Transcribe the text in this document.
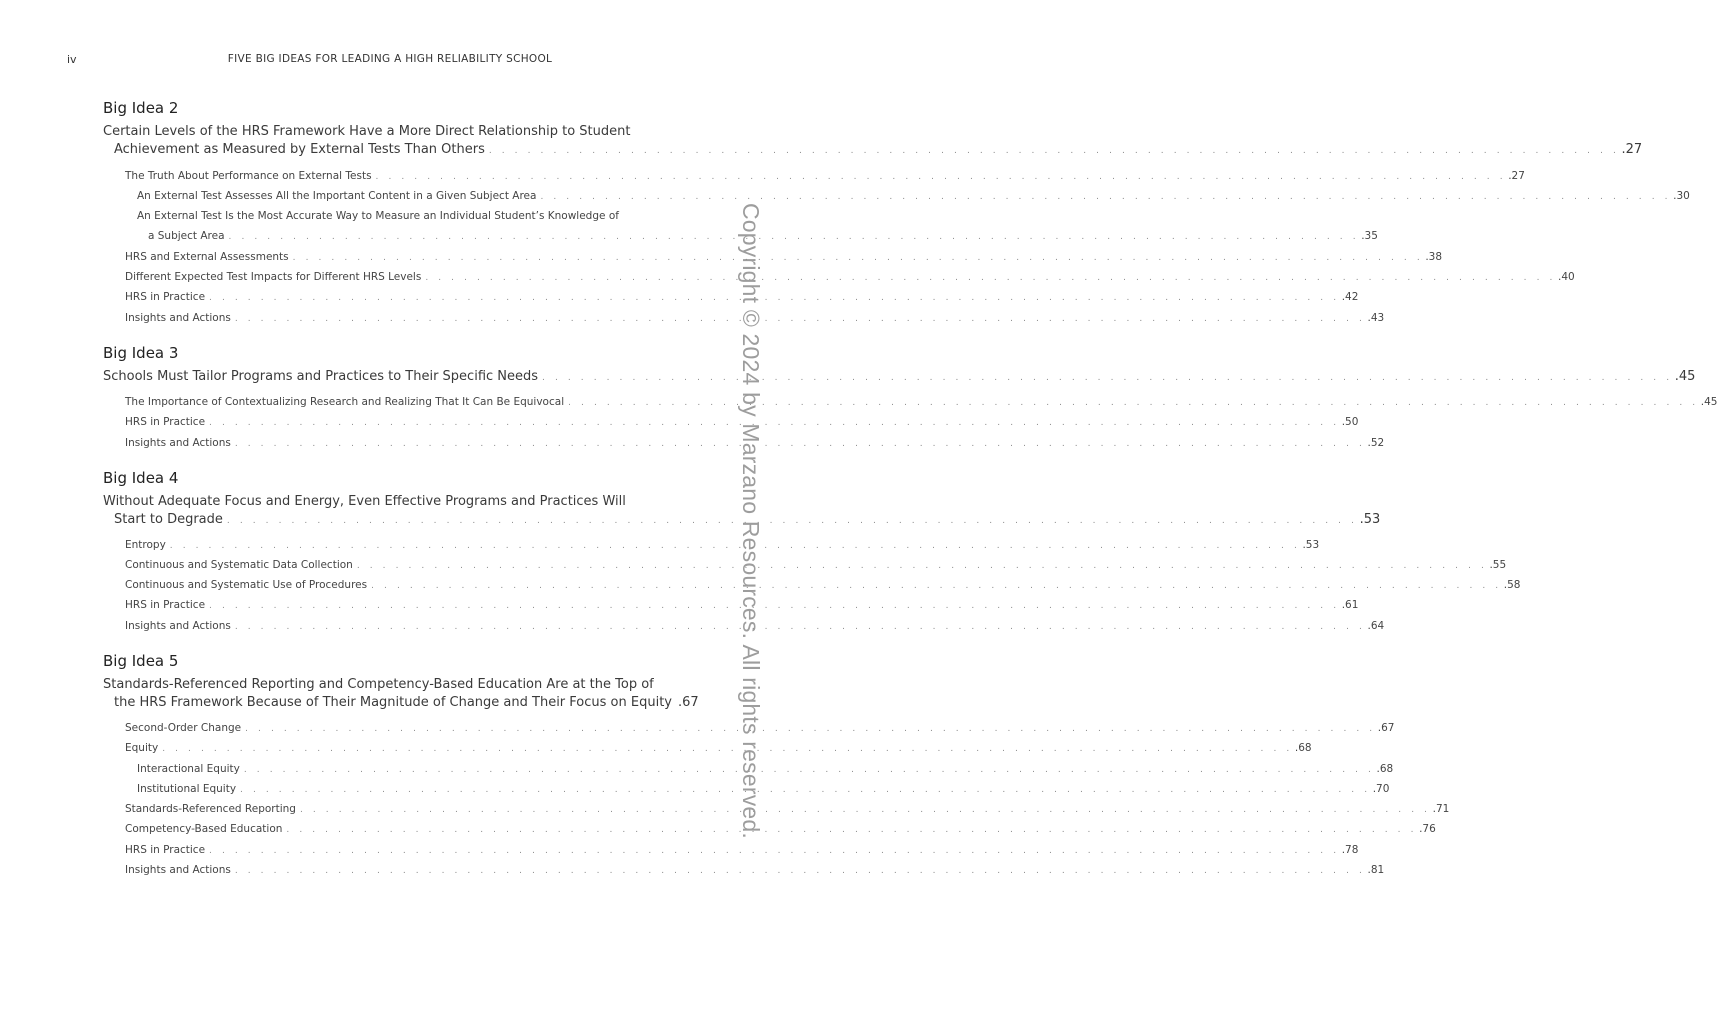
iv	FIVE BIG IDEAS FOR LEADING A HIGH RELIABILITY SCHOOL
Copyright © 2024 by Marzano Resources. All rights reserved.
Big Idea 2
Certain Levels of the HRS Framework Have a More Direct Relationship to Student
Achievement as Measured by External Tests Than Others . . . . . . . . . . . . . . . . . . . . . . . . . . . . . . . . . . . . . . . . . . . . . . . . . . . . . . . . . . . . . . . . . . . . . . . . . . . . . . . . . . . . . . . . .27
The Truth About Performance on External Tests . . . . . . . . . . . . . . . . . . . . . . . . . . . . . . . . . . . . . . . . . . . . . . . . . . . . . . . . . . . . . . . . . . . . . . . . . . . . . . . . . . . . . . . . .27
An External Test Assesses All the Important Content in a Given Subject Area . . . . . . . . . . . . . . . . . . . . . . . . . . . . . . . . . . . . . . . . . . . . . . . . . . . . . . . . . . . . . . . . . . . . . . . . . . . . . . . . . . . . . . . . .30
An External Test Is the Most Accurate Way to Measure an Individual Student’s Knowledge of
a Subject Area . . . . . . . . . . . . . . . . . . . . . . . . . . . . . . . . . . . . . . . . . . . . . . . . . . . . . . . . . . . . . . . . . . . . . . . . . . . . . . . . . . . . . . . . .35
HRS and External Assessments . . . . . . . . . . . . . . . . . . . . . . . . . . . . . . . . . . . . . . . . . . . . . . . . . . . . . . . . . . . . . . . . . . . . . . . . . . . . . . . . . . . . . . . . .38
Different Expected Test Impacts for Different HRS Levels . . . . . . . . . . . . . . . . . . . . . . . . . . . . . . . . . . . . . . . . . . . . . . . . . . . . . . . . . . . . . . . . . . . . . . . . . . . . . . . . . . . . . . . . .40
HRS in Practice . . . . . . . . . . . . . . . . . . . . . . . . . . . . . . . . . . . . . . . . . . . . . . . . . . . . . . . . . . . . . . . . . . . . . . . . . . . . . . . . . . . . . . . . .42
Insights and Actions . . . . . . . . . . . . . . . . . . . . . . . . . . . . . . . . . . . . . . . . . . . . . . . . . . . . . . . . . . . . . . . . . . . . . . . . . . . . . . . . . . . . . . . . .43
Big Idea 3
Schools Must Tailor Programs and Practices to Their Specific Needs . . . . . . . . . . . . . . . . . . . . . . . . . . . . . . . . . . . . . . . . . . . . . . . . . . . . . . . . . . . . . . . . . . . . . . . . . . . . . . . . . . . . . . . . .45
The Importance of Contextualizing Research and Realizing That It Can Be Equivocal . . . . . . . . . . . . . . . . . . . . . . . . . . . . . . . . . . . . . . . . . . . . . . . . . . . . . . . . . . . . . . . . . . . . . . . . . . . . . . . . . . . . . . . . .45
HRS in Practice . . . . . . . . . . . . . . . . . . . . . . . . . . . . . . . . . . . . . . . . . . . . . . . . . . . . . . . . . . . . . . . . . . . . . . . . . . . . . . . . . . . . . . . . .50
Insights and Actions . . . . . . . . . . . . . . . . . . . . . . . . . . . . . . . . . . . . . . . . . . . . . . . . . . . . . . . . . . . . . . . . . . . . . . . . . . . . . . . . . . . . . . . . .52
Big Idea 4
Without Adequate Focus and Energy, Even Effective Programs and Practices Will
Start to Degrade . . . . . . . . . . . . . . . . . . . . . . . . . . . . . . . . . . . . . . . . . . . . . . . . . . . . . . . . . . . . . . . . . . . . . . . . . . . . . . . . . . . . . . . . .53
Entropy . . . . . . . . . . . . . . . . . . . . . . . . . . . . . . . . . . . . . . . . . . . . . . . . . . . . . . . . . . . . . . . . . . . . . . . . . . . . . . . . . . . . . . . . .53
Continuous and Systematic Data Collection . . . . . . . . . . . . . . . . . . . . . . . . . . . . . . . . . . . . . . . . . . . . . . . . . . . . . . . . . . . . . . . . . . . . . . . . . . . . . . . . . . . . . . . . .55
Continuous and Systematic Use of Procedures . . . . . . . . . . . . . . . . . . . . . . . . . . . . . . . . . . . . . . . . . . . . . . . . . . . . . . . . . . . . . . . . . . . . . . . . . . . . . . . . . . . . . . . . .58
HRS in Practice . . . . . . . . . . . . . . . . . . . . . . . . . . . . . . . . . . . . . . . . . . . . . . . . . . . . . . . . . . . . . . . . . . . . . . . . . . . . . . . . . . . . . . . . .61
Insights and Actions . . . . . . . . . . . . . . . . . . . . . . . . . . . . . . . . . . . . . . . . . . . . . . . . . . . . . . . . . . . . . . . . . . . . . . . . . . . . . . . . . . . . . . . . .64
Big Idea 5
Standards-Referenced Reporting and Competency-Based Education Are at the Top of
the HRS Framework Because of Their Magnitude of Change and Their Focus on Equity .67
Second-Order Change . . . . . . . . . . . . . . . . . . . . . . . . . . . . . . . . . . . . . . . . . . . . . . . . . . . . . . . . . . . . . . . . . . . . . . . . . . . . . . . . . . . . . . . . .67
Equity . . . . . . . . . . . . . . . . . . . . . . . . . . . . . . . . . . . . . . . . . . . . . . . . . . . . . . . . . . . . . . . . . . . . . . . . . . . . . . . . . . . . . . . . .68
Interactional Equity . . . . . . . . . . . . . . . . . . . . . . . . . . . . . . . . . . . . . . . . . . . . . . . . . . . . . . . . . . . . . . . . . . . . . . . . . . . . . . . . . . . . . . . . .68
Institutional Equity . . . . . . . . . . . . . . . . . . . . . . . . . . . . . . . . . . . . . . . . . . . . . . . . . . . . . . . . . . . . . . . . . . . . . . . . . . . . . . . . . . . . . . . . .70
Standards-Referenced Reporting . . . . . . . . . . . . . . . . . . . . . . . . . . . . . . . . . . . . . . . . . . . . . . . . . . . . . . . . . . . . . . . . . . . . . . . . . . . . . . . . . . . . . . . . .71
Competency-Based Education . . . . . . . . . . . . . . . . . . . . . . . . . . . . . . . . . . . . . . . . . . . . . . . . . . . . . . . . . . . . . . . . . . . . . . . . . . . . . . . . . . . . . . . . .76
HRS in Practice . . . . . . . . . . . . . . . . . . . . . . . . . . . . . . . . . . . . . . . . . . . . . . . . . . . . . . . . . . . . . . . . . . . . . . . . . . . . . . . . . . . . . . . . .78
Insights and Actions . . . . . . . . . . . . . . . . . . . . . . . . . . . . . . . . . . . . . . . . . . . . . . . . . . . . . . . . . . . . . . . . . . . . . . . . . . . . . . . . . . . . . . . . .81
